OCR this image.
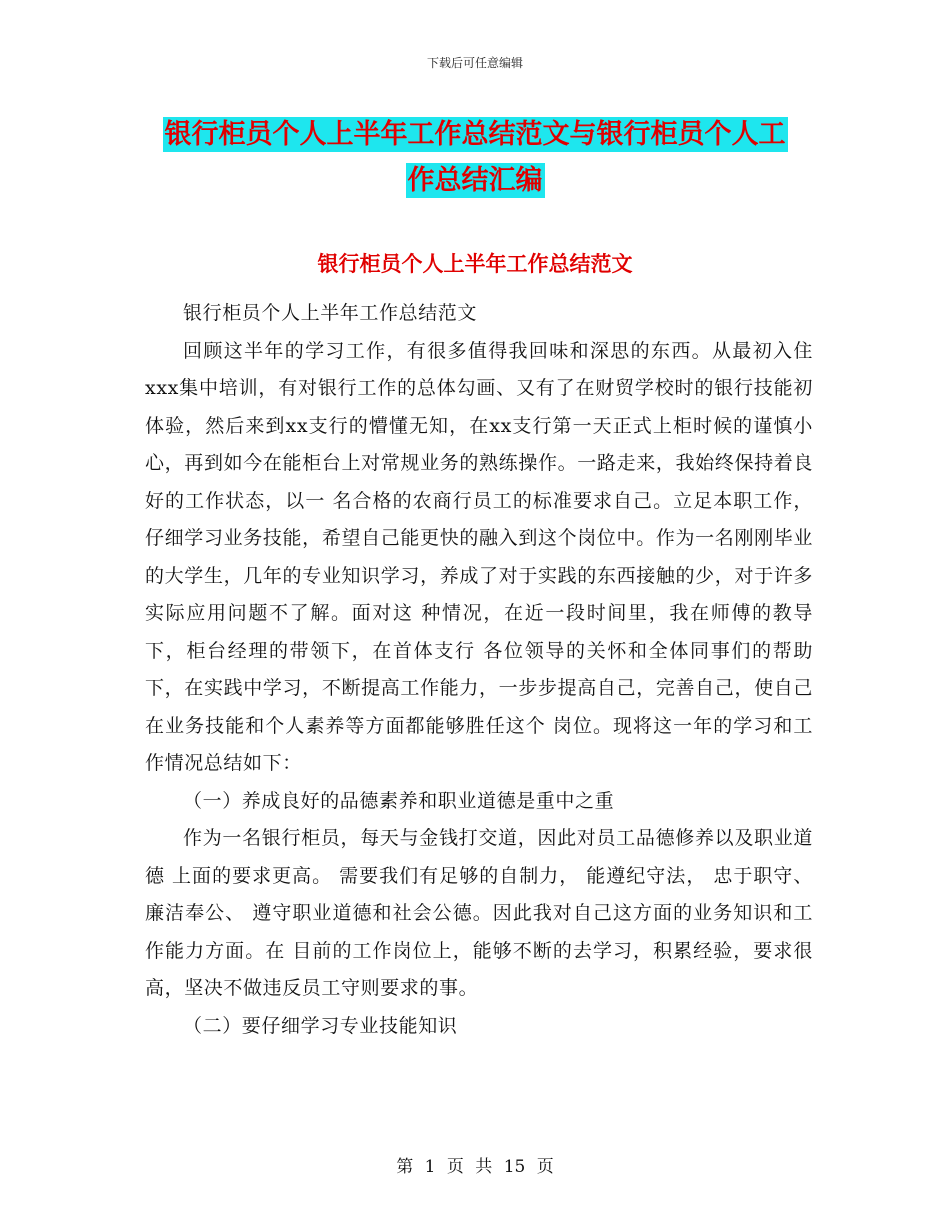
下载后可任意编辑
银行柜员个人上半年工作总结范文与银行柜员个人工
作总结汇编
银行柜员个人上半年工作总结范文

银行柜员个人上半年工作总结范文

回顾这半年的学习工作，有很多值得我回味和深思的东西。从最初入住xxx集中培训，有对银行工作的总体勾画、又有了在财贸学校时的银行技能初体验，然后来到xx支行的懵懂无知，在xx支行第一天正式上柜时候的谨慎小心，再到如今在能柜台上对常规业务的熟练操作。一路走来，我始终保持着良好的工作状态，以一 名合格的农商行员工的标准要求自己。立足本职工作，仔细学习业务技能，希望自己能更快的融入到这个岗位中。作为一名刚刚毕业的大学生，几年的专业知识学习，养成了对于实践的东西接触的少，对于许多实际应用问题不了解。面对这 种情况，在近一段时间里，我在师傅的教导下，柜台经理的带领下，在首体支行 各位领导的关怀和全体同事们的帮助下，在实践中学习，不断提高工作能力，一步步提高自己，完善自己，使自己在业务技能和个人素养等方面都能够胜任这个 岗位。现将这一年的学习和工作情况总结如下：

（一）养成良好的品德素养和职业道德是重中之重

作为一名银行柜员，每天与金钱打交道，因此对员工品德修养以及职业道德 上面的要求更高。 需要我们有足够的自制力， 能遵纪守法， 忠于职守、 廉洁奉公、 遵守职业道德和社会公德。因此我对自己这方面的业务知识和工作能力方面。在 目前的工作岗位上，能够不断的去学习，积累经验，要求很高，坚决不做违反员工守则要求的事。

（二）要仔细学习专业技能知识

第 1 页 共 15 页
